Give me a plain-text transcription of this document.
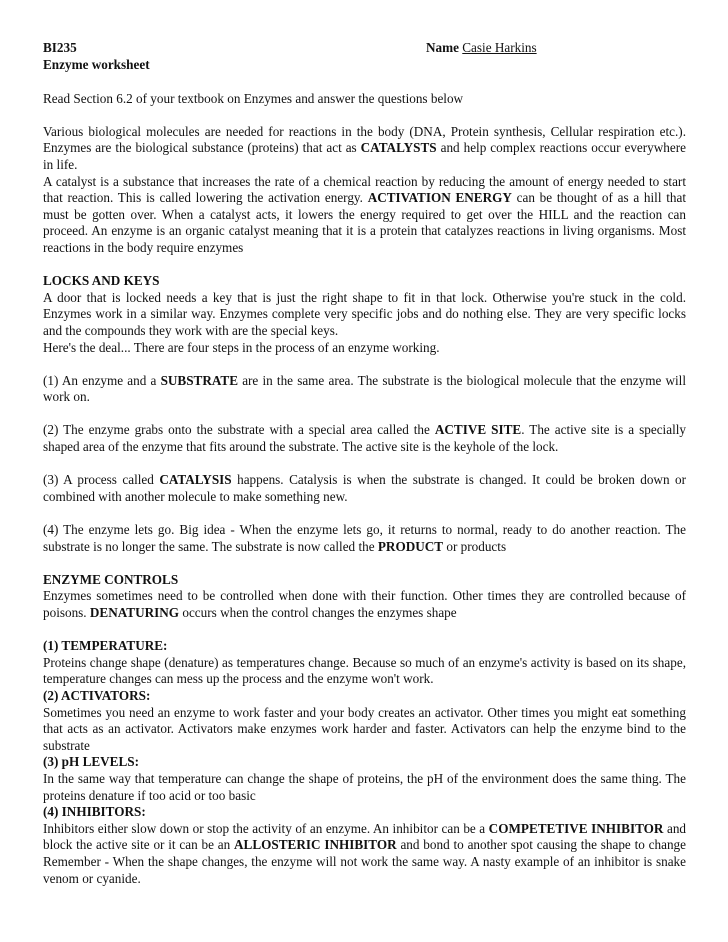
BI235
Enzyme worksheet
Name Casie Harkins

Read Section 6.2 of your textbook on Enzymes and answer the questions below

Various biological molecules are needed for reactions in the body (DNA, Protein synthesis, Cellular respiration etc.). Enzymes are the biological substance (proteins) that act as CATALYSTS and help complex reactions occur everywhere in life.

A catalyst is a substance that increases the rate of a chemical reaction by reducing the amount of energy needed to start that reaction. This is called lowering the activation energy. ACTIVATION ENERGY can be thought of as a hill that must be gotten over. When a catalyst acts, it lowers the energy required to get over the HILL and the reaction can proceed. An enzyme is an organic catalyst meaning that it is a protein that catalyzes reactions in living organisms. Most reactions in the body require enzymes

LOCKS AND KEYS

A door that is locked needs a key that is just the right shape to fit in that lock. Otherwise you're stuck in the cold. Enzymes work in a similar way. Enzymes complete very specific jobs and do nothing else. They are very specific locks and the compounds they work with are the special keys.

Here's the deal... There are four steps in the process of an enzyme working.

(1) An enzyme and a SUBSTRATE are in the same area. The substrate is the biological molecule that the enzyme will work on.

(2) The enzyme grabs onto the substrate with a special area called the ACTIVE SITE. The active site is a specially shaped area of the enzyme that fits around the substrate. The active site is the keyhole of the lock.

(3) A process called CATALYSIS happens. Catalysis is when the substrate is changed. It could be broken down or combined with another molecule to make something new.

(4) The enzyme lets go. Big idea - When the enzyme lets go, it returns to normal, ready to do another reaction. The substrate is no longer the same. The substrate is now called the PRODUCT or products

ENZYME CONTROLS

Enzymes sometimes need to be controlled when done with their function. Other times they are controlled because of poisons. DENATURING occurs when the control changes the enzymes shape

(1) TEMPERATURE:

Proteins change shape (denature) as temperatures change. Because so much of an enzyme's activity is based on its shape, temperature changes can mess up the process and the enzyme won't work.

(2) ACTIVATORS:

Sometimes you need an enzyme to work faster and your body creates an activator. Other times you might eat something that acts as an activator. Activators make enzymes work harder and faster. Activators can help the enzyme bind to the substrate

(3) pH LEVELS:

In the same way that temperature can change the shape of proteins, the pH of the environment does the same thing. The proteins denature if too acid or too basic

(4) INHIBITORS:

Inhibitors either slow down or stop the activity of an enzyme. An inhibitor can be a COMPETETIVE INHIBITOR and block the active site or it can be an ALLOSTERIC INHIBITOR and bond to another spot causing the shape to change Remember - When the shape changes, the enzyme will not work the same way. A nasty example of an inhibitor is snake venom or cyanide.
